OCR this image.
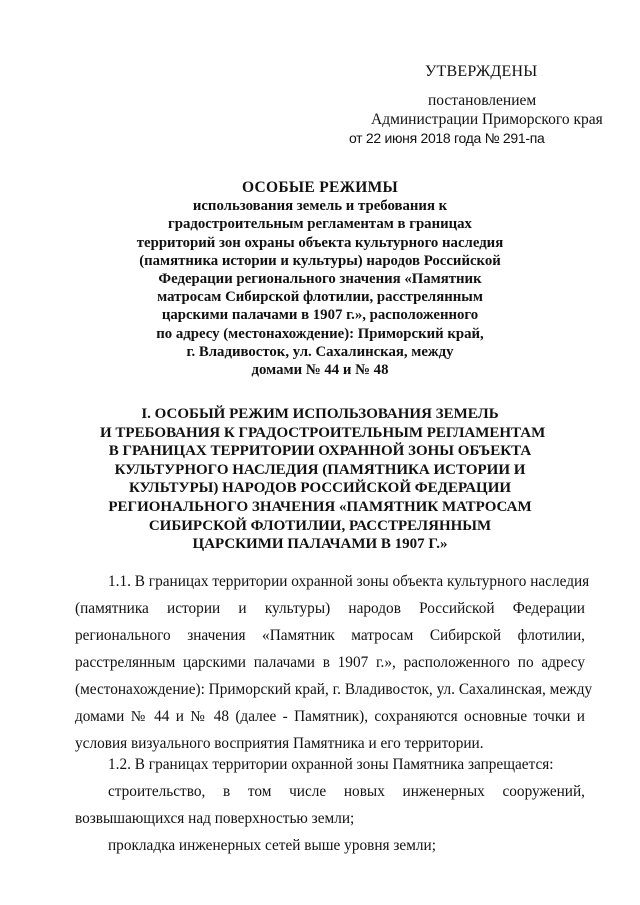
УТВЕРЖДЕНЫ
постановлением
Администрации Приморского края
от 22 июня 2018 года № 291-па
ОСОБЫЕ РЕЖИМЫ
использования земель и требования к
градостроительным регламентам в границах
территорий зон охраны объекта культурного наследия
(памятника истории и культуры) народов Российской
Федерации регионального значения «Памятник
матросам Сибирской флотилии, расстрелянным
царскими палачами в 1907 г.», расположенного
по адресу (местонахождение): Приморский край,
г. Владивосток, ул. Сахалинская, между
домами № 44 и № 48
I. ОСОБЫЙ РЕЖИМ ИСПОЛЬЗОВАНИЯ ЗЕМЕЛЬ
И ТРЕБОВАНИЯ К ГРАДОСТРОИТЕЛЬНЫМ РЕГЛАМЕНТАМ
В ГРАНИЦАХ ТЕРРИТОРИИ ОХРАННОЙ ЗОНЫ ОБЪЕКТА
КУЛЬТУРНОГО НАСЛЕДИЯ (ПАМЯТНИКА ИСТОРИИ И
КУЛЬТУРЫ) НАРОДОВ РОССИЙСКОЙ ФЕДЕРАЦИИ
РЕГИОНАЛЬНОГО ЗНАЧЕНИЯ «ПАМЯТНИК МАТРОСАМ
СИБИРСКОЙ ФЛОТИЛИИ, РАССТРЕЛЯННЫМ
ЦАРСКИМИ ПАЛАЧАМИ В 1907 Г.»
1.1. В границах территории охранной зоны объекта культурного наследия
(памятника истории и культуры) народов Российской Федерации
регионального значения «Памятник матросам Сибирской флотилии,
расстрелянным царскими палачами в 1907 г.», расположенного по адресу
(местонахождение): Приморский край, г. Владивосток, ул. Сахалинская, между
домами № 44 и № 48 (далее - Памятник), сохраняются основные точки и
условия визуального восприятия Памятника и его территории.
1.2. В границах территории охранной зоны Памятника запрещается:
строительство, в том числе новых инженерных сооружений,
возвышающихся над поверхностью земли;
прокладка инженерных сетей выше уровня земли;
